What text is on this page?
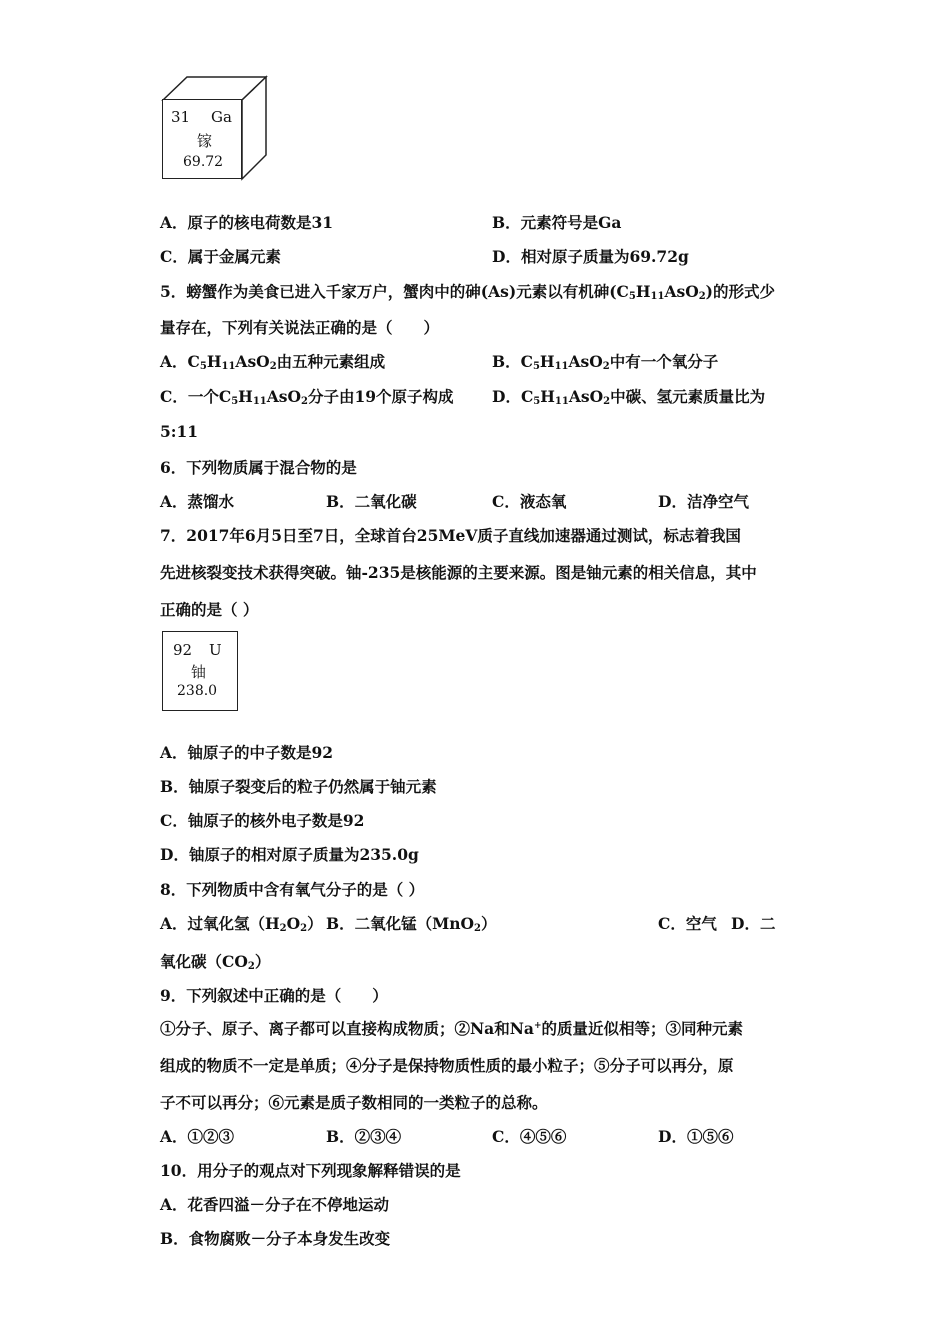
31 Ga
镓
69.72
A．原子的核电荷数是31	B．元素符号是Ga
C．属于金属元素	D．相对原子质量为69.72g
5．螃蟹作为美食已进入千家万户，蟹肉中的砷(As)元素以有机砷$(C_5H_{11}AsO_2)$的形式少
量存在，下列有关说法正确的是（　　）
A．$C_5H_{11}AsO_2$由五种元素组成	B．$C_5H_{11}AsO_2$中有一个氧分子
C．一个$C_5H_{11}AsO_2$分子由19个原子构成 D．$C_5H_{11}AsO_2$中碳、氢元素质量比为
5:11
6．下列物质属于混合物的是
A．蒸馏水	B．二氧化碳	C．液态氧	D．洁净空气
7．2017年6月5日至7日，全球首台25MeV质子直线加速器通过测试，标志着我国
先进核裂变技术获得突破。铀-235是核能源的主要来源。图是铀元素的相关信息，其中
正确的是（ ）
92 U
铀
238.0
A．铀原子的中子数是92
B．铀原子裂变后的粒子仍然属于铀元素
C．铀原子的核外电子数是92
D．铀原子的相对原子质量为235.0g
8．下列物质中含有氧气分子的是（ ）
A．过氧化氢$(H_2O_2)$ B．二氧化锰（MnO$_2$）	C．空气 D．二
氧化碳$(CO_2)$
9．下列叙述中正确的是（　　）
①分子、原子、离子都可以直接构成物质；②Na和Na+的质量近似相等；③同种元素
组成的物质不一定是单质；④分子是保持物质性质的最小粒子；⑤分子可以再分，原
子不可以再分；⑥元素是质子数相同的一类粒子的总称。
A．①②③	B．②③④	C．④⑤⑥	D．①⑤⑥
10．用分子的观点对下列现象解释错误的是
A．花香四溢－分子在不停地运动
B．食物腐败－分子本身发生改变
